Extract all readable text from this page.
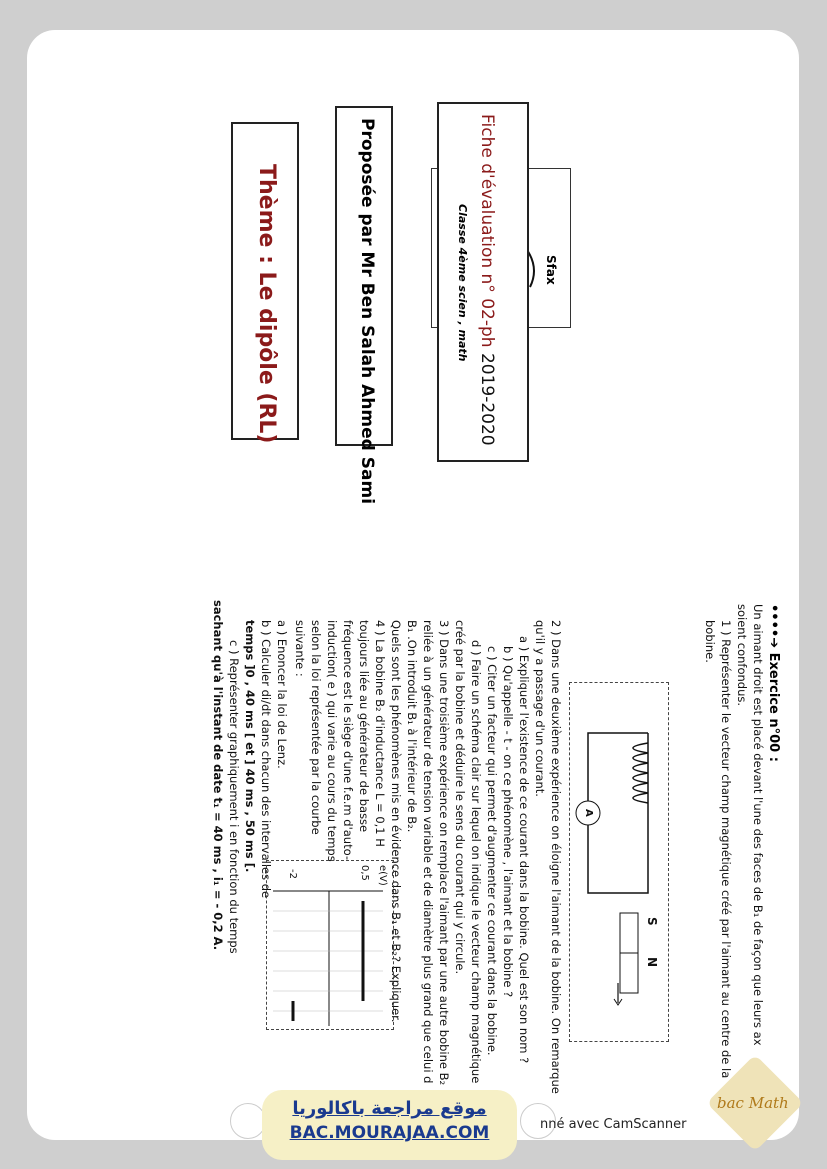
Sfax
Fiche d'évaluation n° 02-ph 2019-2020
Classe 4ème scien , math
Proposée par Mr Ben Salah Ahmed Sami
Thème : Le dipôle (RL)
••••➔ Exercice n°00 :
Un aimant droit est placé devant l'une des faces de B₁ de façon que leurs ax
soient confondus.
1 ) Représenter le vecteur champ magnétique créé par l'aimant au centre de la
bobine.
2 ) Dans une deuxième expérience on éloigne l'aimant de la bobine. On remarque
qu'il y a passage d'un courant.
a ) Expliquer l'existence de ce courant dans la bobine. Quel est son nom ?
b ) Qu'appelle - t - on ce phénomène , l'aimant et la bobine ?
c ) Citer un facteur qui permet d'augmenter ce courant dans la bobine.
d ) Faire un schéma clair sur lequel on indique le vecteur champ magnétique
créé par la bobine et déduire le sens du courant qui y circule.
3 ) Dans une troisième expérience on remplace l'aimant par une autre bobine B₂
reliée à un générateur de tension variable et de diamètre plus grand que celui d
B₁ .On introduit B₁ à l'intérieur de B₂.
Quels sont les phénomènes mis en évidence dans B₁ et B₂? Expliquer.
4 ) La bobine B₂ d'inductance L = 0,1 H
toujours liée au générateur de basse
fréquence est le siège d'une f.e.m d'auto-
induction( e ) qui varie au cours du temps
selon la loi représentée par la courbe
suivante :
a ) Enoncer la loi de Lenz.
b ) Calculer di/dt dans chacun des intervalles de
temps ]0 , 40 ms [ et ] 40 ms , 50 ms [.
c ) Représenter graphiquement i en fonction du temps
sachant qu'à l'instant de date t₁ = 40 ms , i₁ = - 0,2 A.	S
N
A
e(V)
0,5
-2
موقع مراجعة باكالوريا
BAC.MOURAJAA.COM	nné avec CamScanner
bac Math
